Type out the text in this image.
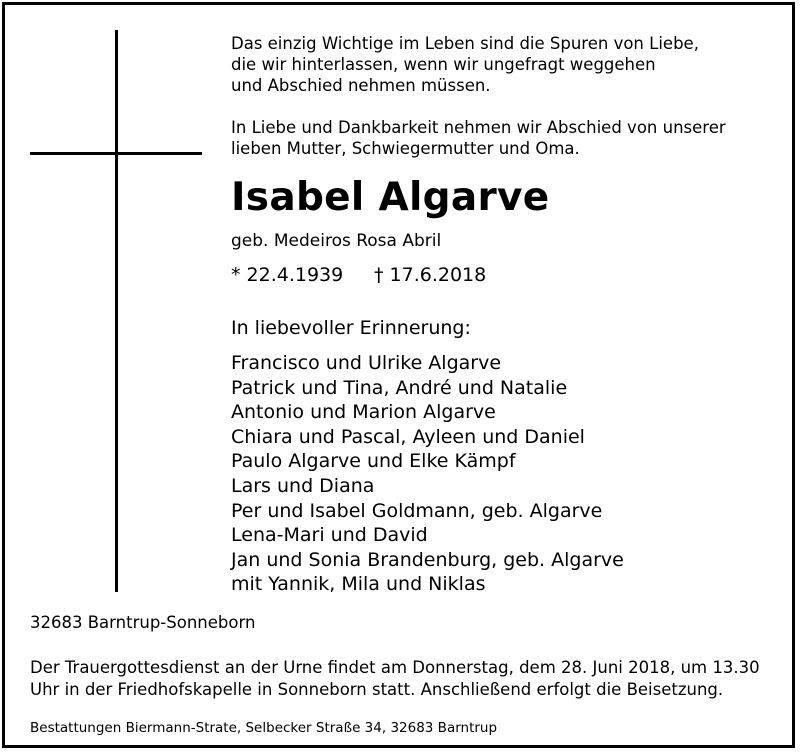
Das einzig Wichtige im Leben sind die Spuren von Liebe,
die wir hinterlassen, wenn wir ungefragt weggehen
und Abschied nehmen müssen.
In Liebe und Dankbarkeit nehmen wir Abschied von unserer
lieben Mutter, Schwiegermutter und Oma.
Isabel Algarve
geb. Medeiros Rosa Abril
* 22.4.1939 † 17.6.2018
In liebevoller Erinnerung:
Francisco und Ulrike Algarve
Patrick und Tina, André und Natalie
Antonio und Marion Algarve
Chiara und Pascal, Ayleen und Daniel
Paulo Algarve und Elke Kämpf
Lars und Diana
Per und Isabel Goldmann, geb. Algarve
Lena-Mari und David
Jan und Sonia Brandenburg, geb. Algarve
mit Yannik, Mila und Niklas
32683 Barntrup-Sonneborn
Der Trauergottesdienst an der Urne findet am Donnerstag, dem 28. Juni 2018, um 13.30
Uhr in der Friedhofskapelle in Sonneborn statt. Anschließend erfolgt die Beisetzung.
Bestattungen Biermann-Strate, Selbecker Straße 34, 32683 Barntrup
